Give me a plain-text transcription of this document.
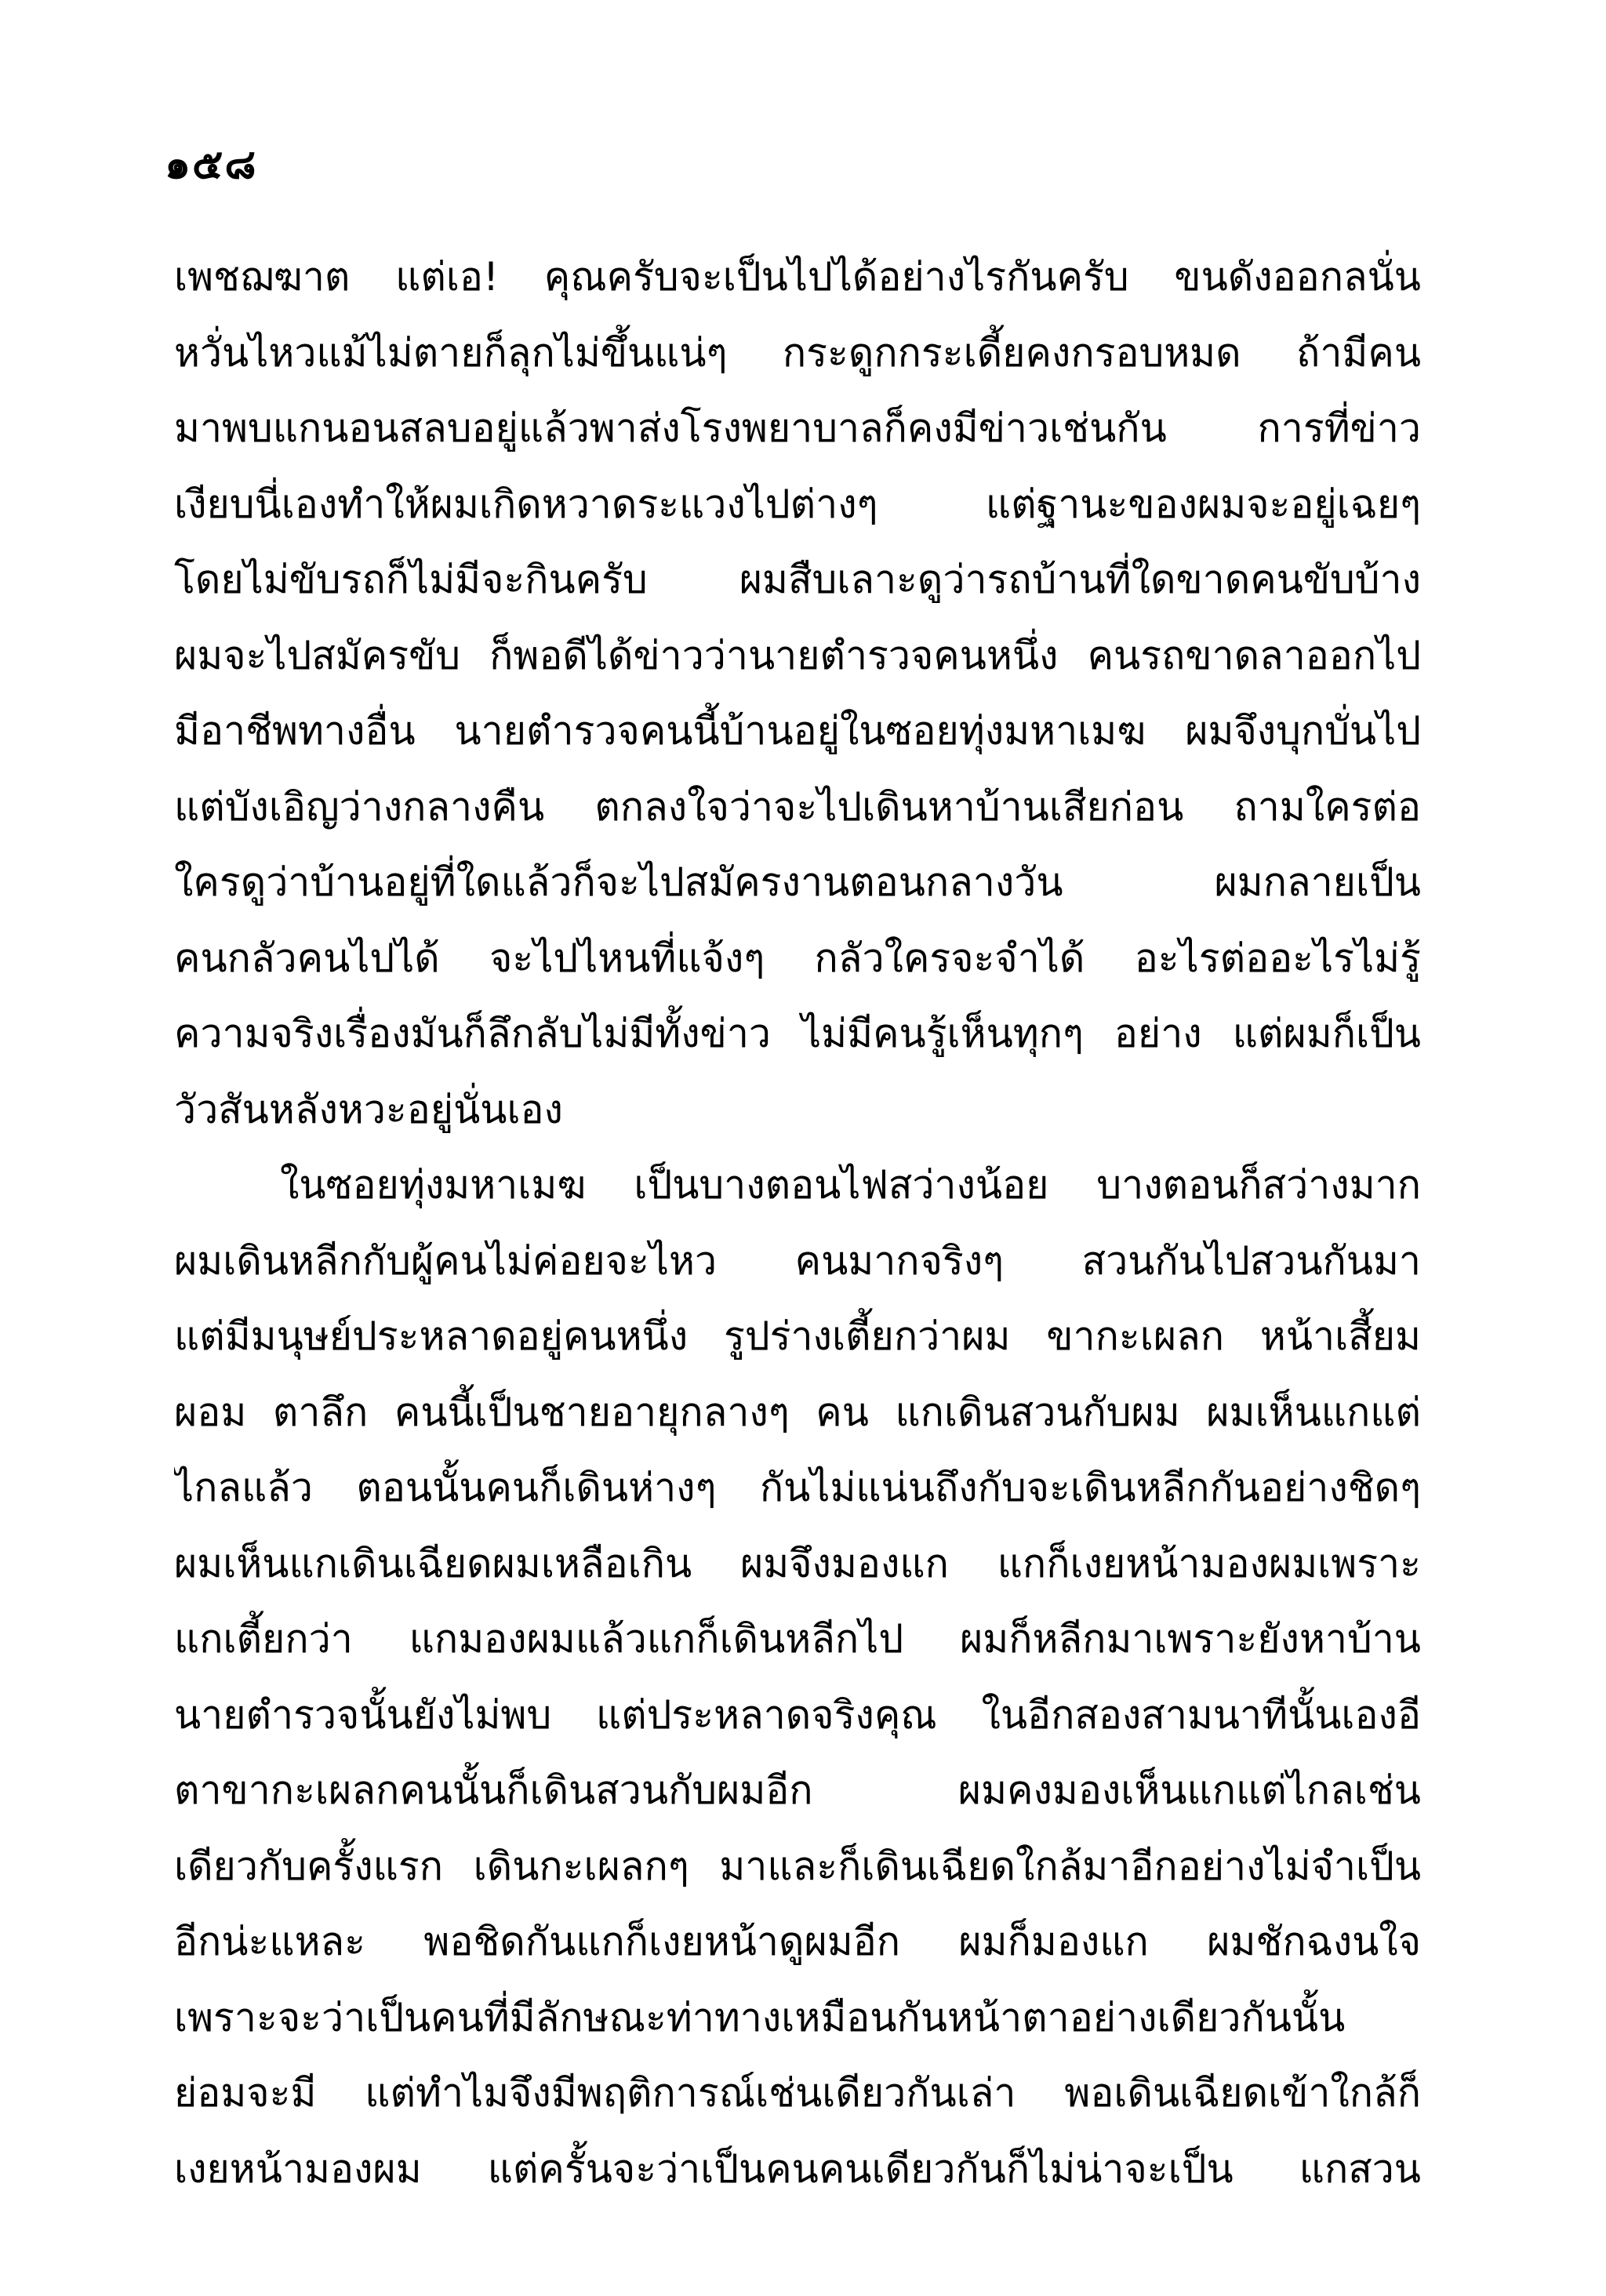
๑๕๘
เพชฌฆาต แต่เอ! คุณครับจะเป็นไปได้อย่างไรกันครับ ขนดังออกลนั่น
หวั่นไหวแม้ไม่ตายก็ลุกไม่ขึ้นแน่ๆ กระดูกกระเดี้ยคงกรอบหมด ถ้ามีคน
มาพบแกนอนสลบอยู่แล้วพาส่งโรงพยาบาลก็คงมีข่าวเช่นกัน การที่ข่าว
เงียบนี่เองทำให้ผมเกิดหวาดระแวงไปต่างๆ แต่ฐานะของผมจะอยู่เฉยๆ
โดยไม่ขับรถก็ไม่มีจะกินครับ ผมสืบเลาะดูว่ารถบ้านที่ใดขาดคนขับบ้าง
ผมจะไปสมัครขับ ก็พอดีได้ข่าวว่านายตำรวจคนหนึ่ง คนรถขาดลาออกไป
มีอาชีพทางอื่น นายตำรวจคนนี้บ้านอยู่ในซอยทุ่งมหาเมฆ ผมจึงบุกบั่นไป
แต่บังเอิญว่างกลางคืน ตกลงใจว่าจะไปเดินหาบ้านเสียก่อน ถามใครต่อ
ใครดูว่าบ้านอยู่ที่ใดแล้วก็จะไปสมัครงานตอนกลางวัน ผมกลายเป็น
คนกลัวคนไปได้ จะไปไหนที่แจ้งๆ กลัวใครจะจำได้ อะไรต่ออะไรไม่รู้
ความจริงเรื่องมันก็ลึกลับไม่มีทั้งข่าว ไม่มีคนรู้เห็นทุกๆ อย่าง แต่ผมก็เป็น
วัวสันหลังหวะอยู่นั่นเอง
ในซอยทุ่งมหาเมฆ เป็นบางตอนไฟสว่างน้อย บางตอนก็สว่างมาก
ผมเดินหลีกกับผู้คนไม่ค่อยจะไหว คนมากจริงๆ สวนกันไปสวนกันมา
แต่มีมนุษย์ประหลาดอยู่คนหนึ่ง รูปร่างเตี้ยกว่าผม ขากะเผลก หน้าเสี้ยม
ผอม ตาลึก คนนี้เป็นชายอายุกลางๆ คน แกเดินสวนกับผม ผมเห็นแกแต่
ไกลแล้ว ตอนนั้นคนก็เดินห่างๆ กันไม่แน่นถึงกับจะเดินหลีกกันอย่างชิดๆ
ผมเห็นแกเดินเฉียดผมเหลือเกิน ผมจึงมองแก แกก็เงยหน้ามองผมเพราะ
แกเตี้ยกว่า แกมองผมแล้วแกก็เดินหลีกไป ผมก็หลีกมาเพราะยังหาบ้าน
นายตำรวจนั้นยังไม่พบ แต่ประหลาดจริงคุณ ในอีกสองสามนาทีนั้นเองอี
ตาขากะเผลกคนนั้นก็เดินสวนกับผมอีก ผมคงมองเห็นแกแต่ไกลเช่น
เดียวกับครั้งแรก เดินกะเผลกๆ มาและก็เดินเฉียดใกล้มาอีกอย่างไม่จำเป็น
อีกน่ะแหละ พอชิดกันแกก็เงยหน้าดูผมอีก ผมก็มองแก ผมชักฉงนใจ
เพราะจะว่าเป็นคนที่มีลักษณะท่าทางเหมือนกันหน้าตาอย่างเดียวกันนั้น
ย่อมจะมี แต่ทำไมจึงมีพฤติการณ์เช่นเดียวกันเล่า พอเดินเฉียดเข้าใกล้ก็
เงยหน้ามองผม แต่ครั้นจะว่าเป็นคนคนเดียวกันก็ไม่น่าจะเป็น แกสวน
